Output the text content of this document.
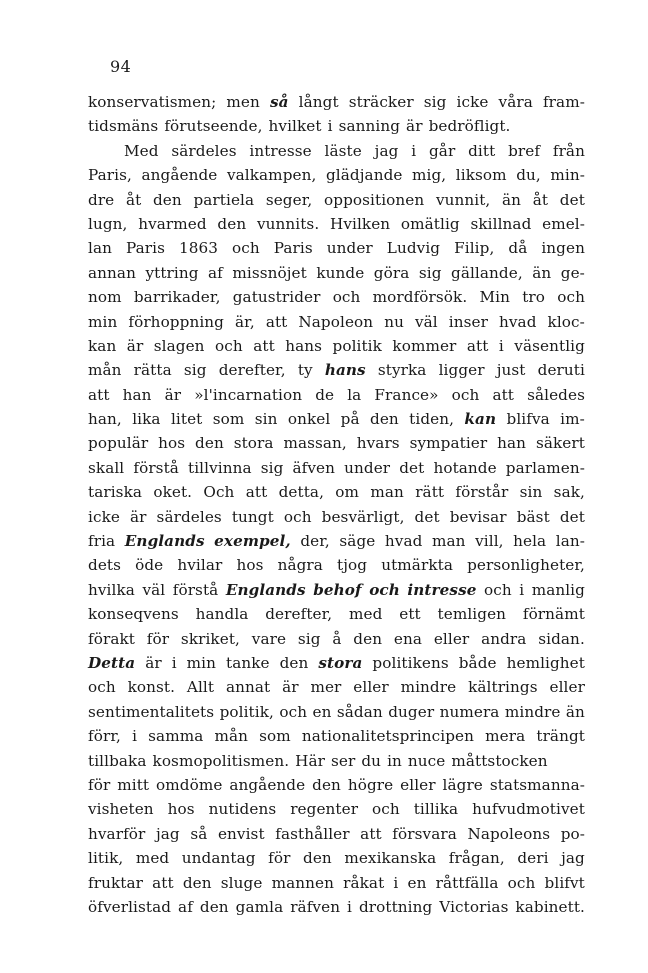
94
konservatismen; men så långt sträcker sig icke våra fram-
tidsmäns förutseende, hvilket i sanning är bedröfligt.
Med särdeles intresse läste jag i går ditt bref från
Paris, angående valkampen, glädjande mig, liksom du, min-
dre åt den partiela seger, oppositionen vunnit, än åt det
lugn, hvarmed den vunnits. Hvilken omätlig skillnad emel-
lan Paris 1863 och Paris under Ludvig Filip, då ingen
annan yttring af missnöjet kunde göra sig gällande, än ge-
nom barrikader, gatustrider och mordförsök. Min tro och
min förhoppning är, att Napoleon nu väl inser hvad kloc-
kan är slagen och att hans politik kommer att i väsentlig
mån rätta sig derefter, ty hans styrka ligger just deruti
att han är »l'incarnation de la France» och att således
han, lika litet som sin onkel på den tiden, kan blifva im-
populär hos den stora massan, hvars sympatier han säkert
skall förstå tillvinna sig äfven under det hotande parlamen-
tariska oket. Och att detta, om man rätt förstår sin sak,
icke är särdeles tungt och besvärligt, det bevisar bäst det
fria Englands exempel, der, säge hvad man vill, hela lan-
dets öde hvilar hos några tjog utmärkta personligheter,
hvilka väl förstå Englands behof och intresse och i manlig
konseqvens handla derefter, med ett temligen förnämt
förakt för skriket, vare sig å den ena eller andra sidan.
Detta är i min tanke den stora politikens både hemlighet
och konst. Allt annat är mer eller mindre kältrings eller
sentimentalitets politik, och en sådan duger numera mindre än
förr, i samma mån som nationalitetsprincipen mera trängt
tillbaka kosmopolitismen. Här ser du in nuce måttstocken
för mitt omdöme angående den högre eller lägre statsmanna-
visheten hos nutidens regenter och tillika hufvudmotivet
hvarför jag så envist fasthåller att försvara Napoleons po-
litik, med undantag för den mexikanska frågan, deri jag
fruktar att den sluge mannen råkat i en råttfälla och blifvt
öfverlistad af den gamla räfven i drottning Victorias kabinett.
